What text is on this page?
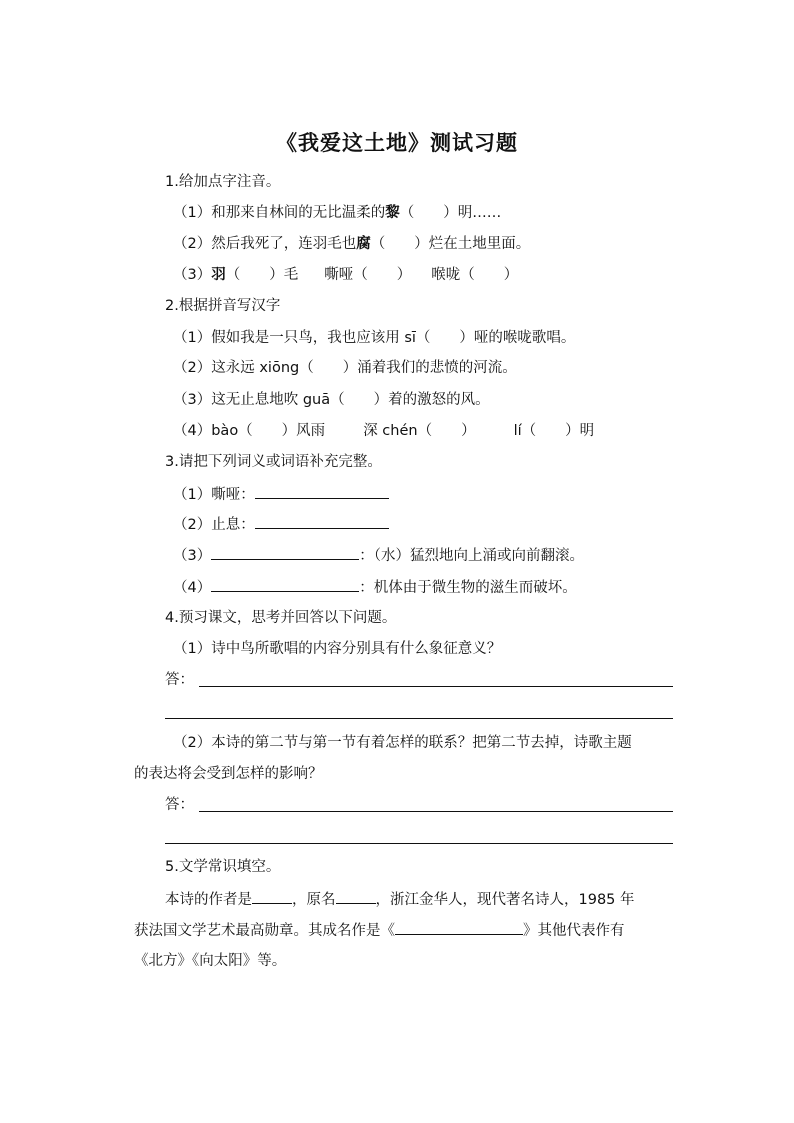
《我爱这土地》测试习题
1.给加点字注音。
（1）和那来自林间的无比温柔的黎（　　）明……
（2）然后我死了，连羽毛也腐（　　）烂在土地里面。
（3）羽（　　）毛 嘶哑（　　） 喉咙（　　）
2.根据拼音写汉字
（1）假如我是一只鸟，我也应该用 sī（　　）哑的喉咙歌唱。
（2）这永远 xiōng（　　）涌着我们的悲愤的河流。
（3）这无止息地吹 guā（　　）着的激怒的风。
（4）bào（　　）风雨	深 chén（　　）	lí（　　）明
3.请把下列词义或词语补充完整。
（1）嘶哑：
（2）止息：
（3）	：（水）猛烈地向上涌或向前翻滚。
（4）	：机体由于微生物的滋生而破坏。
4.预习课文，思考并回答以下问题。
（1）诗中鸟所歌唱的内容分别具有什么象征意义？
答：
（2）本诗的第二节与第一节有着怎样的联系？把第二节去掉，诗歌主题
的表达将会受到怎样的影响？
答：
5.文学常识填空。
本诗的作者是	，原名	，浙江金华人，现代著名诗人，1985 年
获法国文学艺术最高勋章。其成名作是《	》其他代表作有
《北方》《向太阳》等。
